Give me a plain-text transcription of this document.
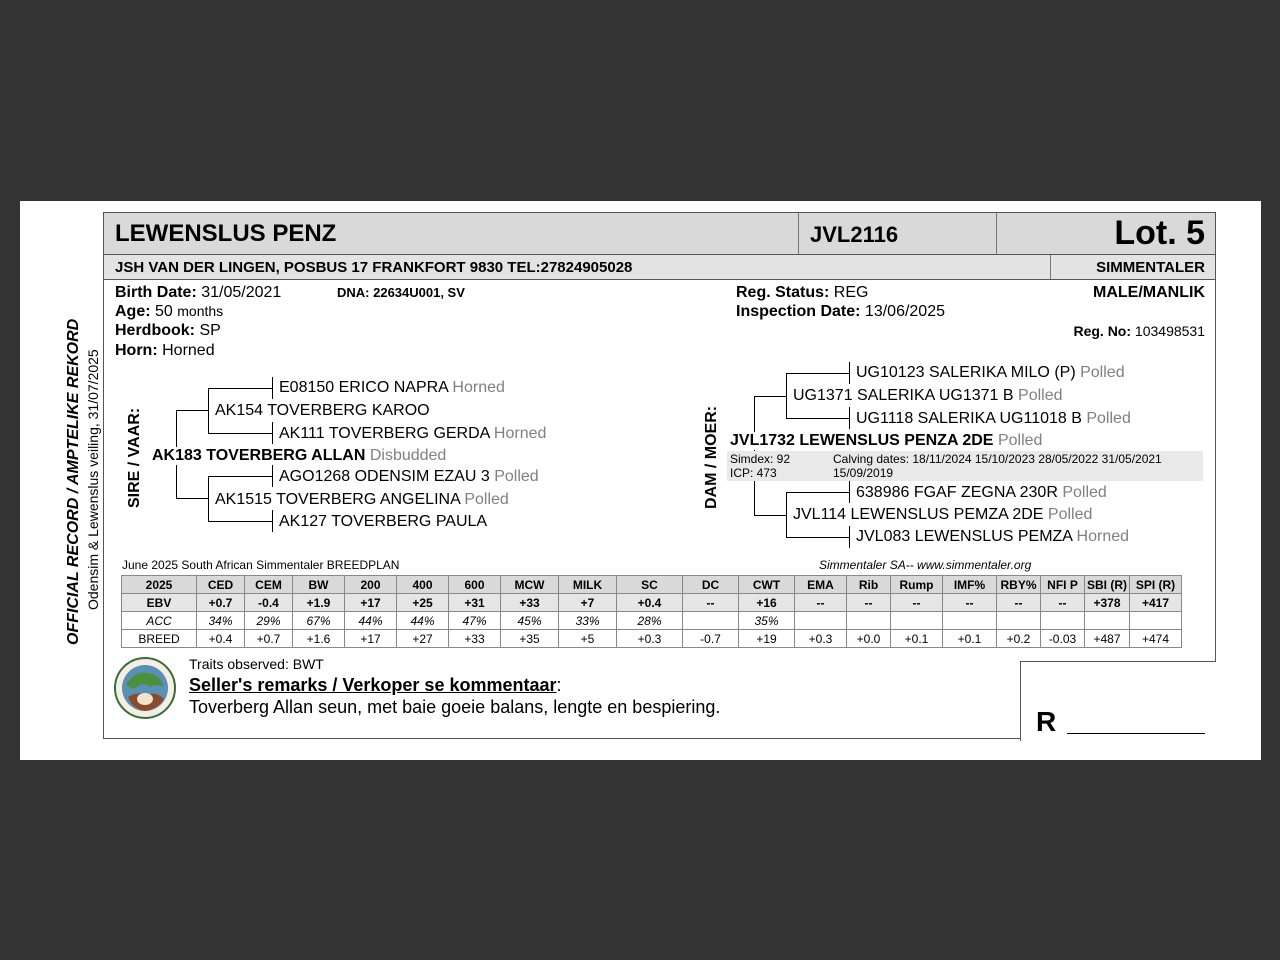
LEWENSLUS PENZ	JVL2116	Lot. 5
JSH VAN DER LINGEN, POSBUS 17 FRANKFORT 9830 TEL:27824905028	SIMMENTALER
Birth Date: 31/05/2021	DNA: 22634U001, SV
Age: 50 months
Herdbook: SP
Horn: Horned
Reg. Status: REG
Inspection Date: 13/06/2025
MALE/MANLIK
Reg. No: 103498531
OFFICIAL RECORD / AMPTELIKE REKORD Odensim & Lewenslus veiling, 31/07/2025 SIRE / VAAR:	DAM / MOER:
E08150 ERICO NAPRA Horned
AK154 TOVERBERG KAROO
AK111 TOVERBERG GERDA Horned
AK183 TOVERBERG ALLAN Disbudded
AGO1268 ODENSIM EZAU 3 Polled
AK1515 TOVERBERG ANGELINA Polled
AK127 TOVERBERG PAULA
UG10123 SALERIKA MILO (P) Polled
UG1371 SALERIKA UG1371 B Polled
UG1118 SALERIKA UG11018 B Polled
JVL1732 LEWENSLUS PENZA 2DE Polled
Simdex: 92
ICP: 473
Calving dates: 18/11/2024 15/10/2023 28/05/2022 31/05/2021
15/09/2019
638986 FGAF ZEGNA 230R Polled
JVL114 LEWENSLUS PEMZA 2DE Polled
JVL083 LEWENSLUS PEMZA Horned
June 2025 South African Simmentaler BREEDPLAN	Simmentaler SA-- www.simmentaler.org
2025	CED	CEM	BW	200	400	600	MCW	MILK	SC	DC	CWT	EMA	Rib	Rump	IMF%	RBY%	NFI P	SBI (R)	SPI (R)
EBV	+0.7	-0.4	+1.9	+17	+25	+31	+33	+7	+0.4	--	+16	--	--	--	--	--	--	+378	+417
ACC	34%	29%	67%	44%	44%	47%	45%	33%	28%		35%								
BREED	+0.4	+0.7	+1.6	+17	+27	+33	+35	+5	+0.3	-0.7	+19	+0.3	+0.0	+0.1	+0.1	+0.2	-0.03	+487	+474
R
Traits observed: BWT
Seller's remarks / Verkoper se kommentaar:
Toverberg Allan seun, met baie goeie balans, lengte en bespiering.
